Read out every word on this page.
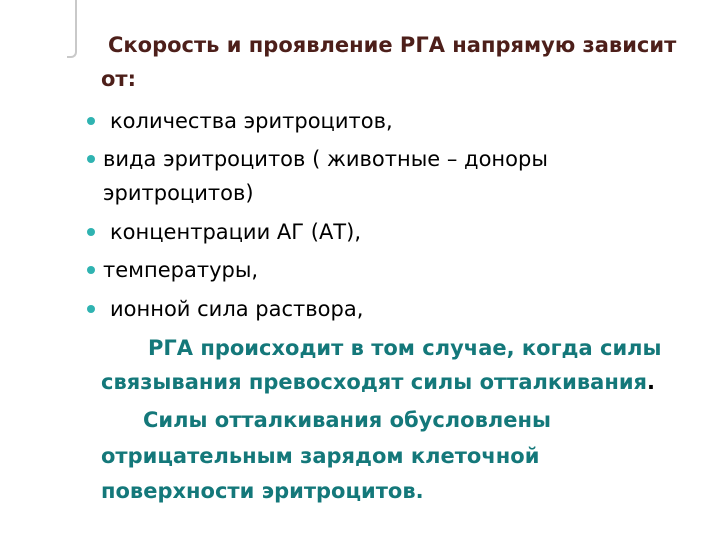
Скорость и проявление РГА напрямую зависит
от:
количества эритроцитов,
вида эритроцитов ( животные – доноры
эритроцитов)
концентрации АГ (АТ),
температуры,
ионной сила раствора,
РГА происходит в том случае, когда силы
связывания превосходят силы отталкивания.
Силы отталкивания обусловлены
отрицательным зарядом клеточной
поверхности эритроцитов.
